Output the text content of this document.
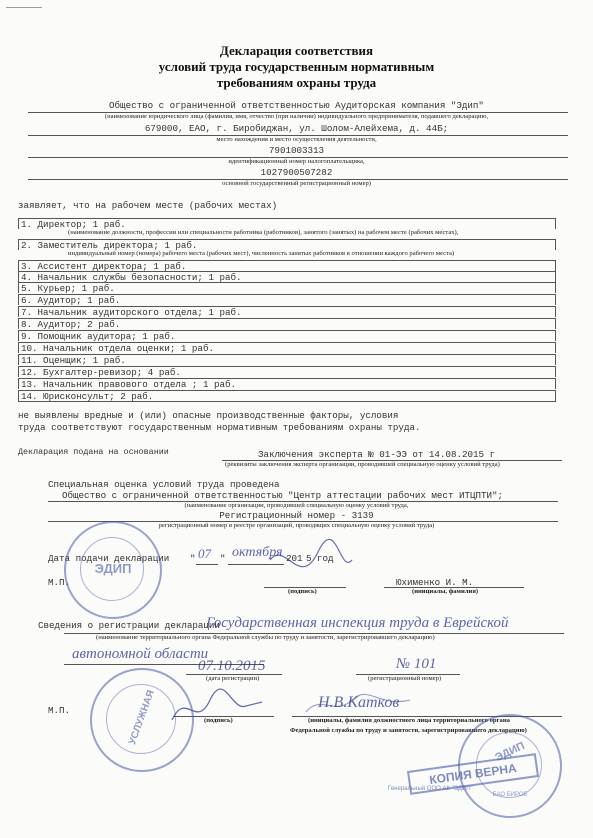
Декларация соответствия
условий труда государственным нормативным
требованиям охраны труда
Общество с ограниченной ответственностью Аудиторская компания "Эдип"
(наименование юридического лица (фамилия, имя, отчество (при наличии) индивидуального предпринимателя, подавшего декларацию,
679000, ЕАО, г. Биробиджан, ул. Шолом-Алейхема, д. 44Б;
место нахождения и место осуществления деятельности,
7901003313
идентификационный номер налогоплательщика,
1027900507282
основной государственный регистрационный номер)
заявляет, что на рабочем месте (рабочих местах)
1. Директор; 1 раб.
(наименование должности, профессии или специальности работника (работников), занятого (занятых) на рабочем месте (рабочих местах),
2. Заместитель директора; 1 раб.
индивидуальный номер (номера) рабочего места (рабочих мест), численность занятых работников в отношении каждого рабочего места)
3. Ассистент директора; 1 раб.
4. Начальник службы безопасности; 1 раб.
5. Курьер; 1 раб.
6. Аудитор; 1 раб.
7. Начальник аудиторского отдела; 1 раб.
8. Аудитор; 2 раб.
9. Помощник аудитора; 1 раб.
10. Начальник отдела оценки; 1 раб.
11. Оценщик; 1 раб.
12. Бухгалтер-ревизор; 4 раб.
13. Начальник правового отдела ; 1 раб.
14. Юрисконсульт; 2 раб.
не выявлены вредные и (или) опасные производственные факторы, условия
труда соответствуют государственным нормативным требованиям охраны труда.
Декларация подана на основании	Заключения эксперта № 01-ЭЭ от 14.08.2015 г
(реквизиты заключения эксперта организации, проводившей специальную оценку условий труда)
Специальная оценка условий труда проведена
Общество с ограниченной ответственностью "Центр аттестации рабочих мест ИТЦПТИ";
(наименование организации, проводившей специальную оценку условий труда,
Регистрационный номер - 3139
регистрационный номер в реестре организаций, проводящих специальную оценку условий труда)
Дата подачи декларации " 07 " октября 201 5 год
М.П.
(подпись)
Юхименко И. М.
(инициалы, фамилия)
Сведения о регистрации декларации
Государственная инспекция труда в Еврейской
(наименование территориального органа Федеральной службы по труду и занятости, зарегистрировавшего декларацию)
автономной области
07.10.2015
(дата регистрации)
№ 101
(регистрационный номер)
М.П.
(подпись)
Н.В.Катков
(инициалы, фамилия должностного лица территориального органа
Федеральной службы по труду и занятости, зарегистрировавшего декларацию)
ЭДИП
УСЛУЖНАЯ
ЭДИП
ЕАО БИРОБ
КОПИЯ ВЕРНА
Генеральный ООО АК "ЭДИП"
